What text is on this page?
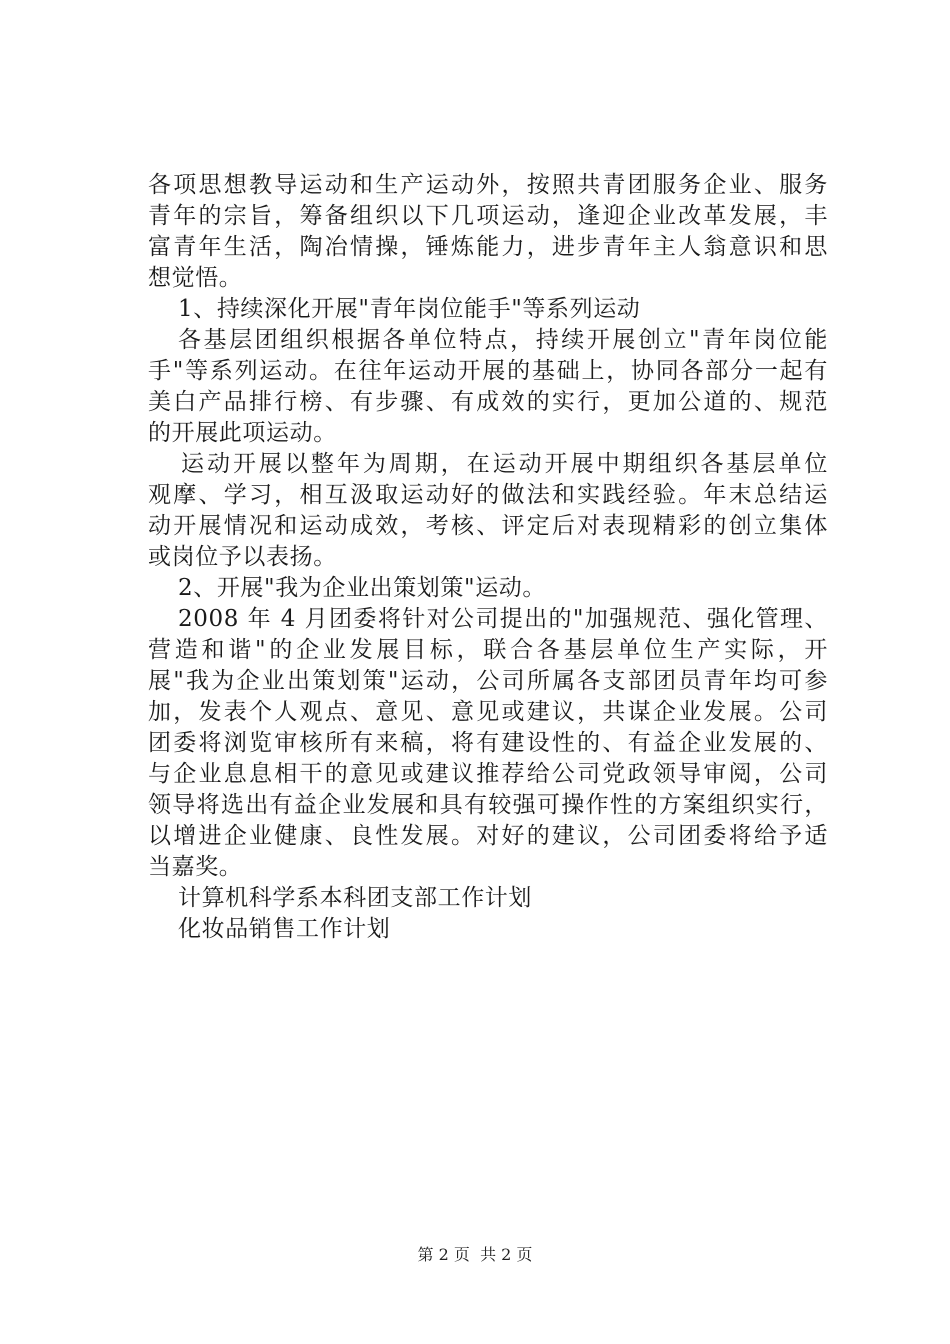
各项思想教导运动和生产运动外，按照共青团服务企业、服务
青年的宗旨，筹备组织以下几项运动，逢迎企业改革发展，丰
富青年生活，陶冶情操，锤炼能力，进步青年主人翁意识和思
想觉悟。
1、持续深化开展"青年岗位能手"等系列运动
各基层团组织根据各单位特点，持续开展创立"青年岗位能
手"等系列运动。在往年运动开展的基础上，协同各部分一起有
美白产品排行榜、有步骤、有成效的实行，更加公道的、规范
的开展此项运动。
运动开展以整年为周期，在运动开展中期组织各基层单位
观摩、学习，相互汲取运动好的做法和实践经验。年末总结运
动开展情况和运动成效，考核、评定后对表现精彩的创立集体
或岗位予以表扬。
2、开展"我为企业出策划策"运动。
2008 年 4 月团委将针对公司提出的"加强规范、强化管理、
营造和谐"的企业发展目标，联合各基层单位生产实际，开
展"我为企业出策划策"运动，公司所属各支部团员青年均可参
加，发表个人观点、意见、意见或建议，共谋企业发展。公司
团委将浏览审核所有来稿，将有建设性的、有益企业发展的、
与企业息息相干的意见或建议推荐给公司党政领导审阅，公司
领导将选出有益企业发展和具有较强可操作性的方案组织实行，
以增进企业健康、良性发展。对好的建议，公司团委将给予适
当嘉奖。
计算机科学系本科团支部工作计划
化妆品销售工作计划
第 2 页  共 2 页
